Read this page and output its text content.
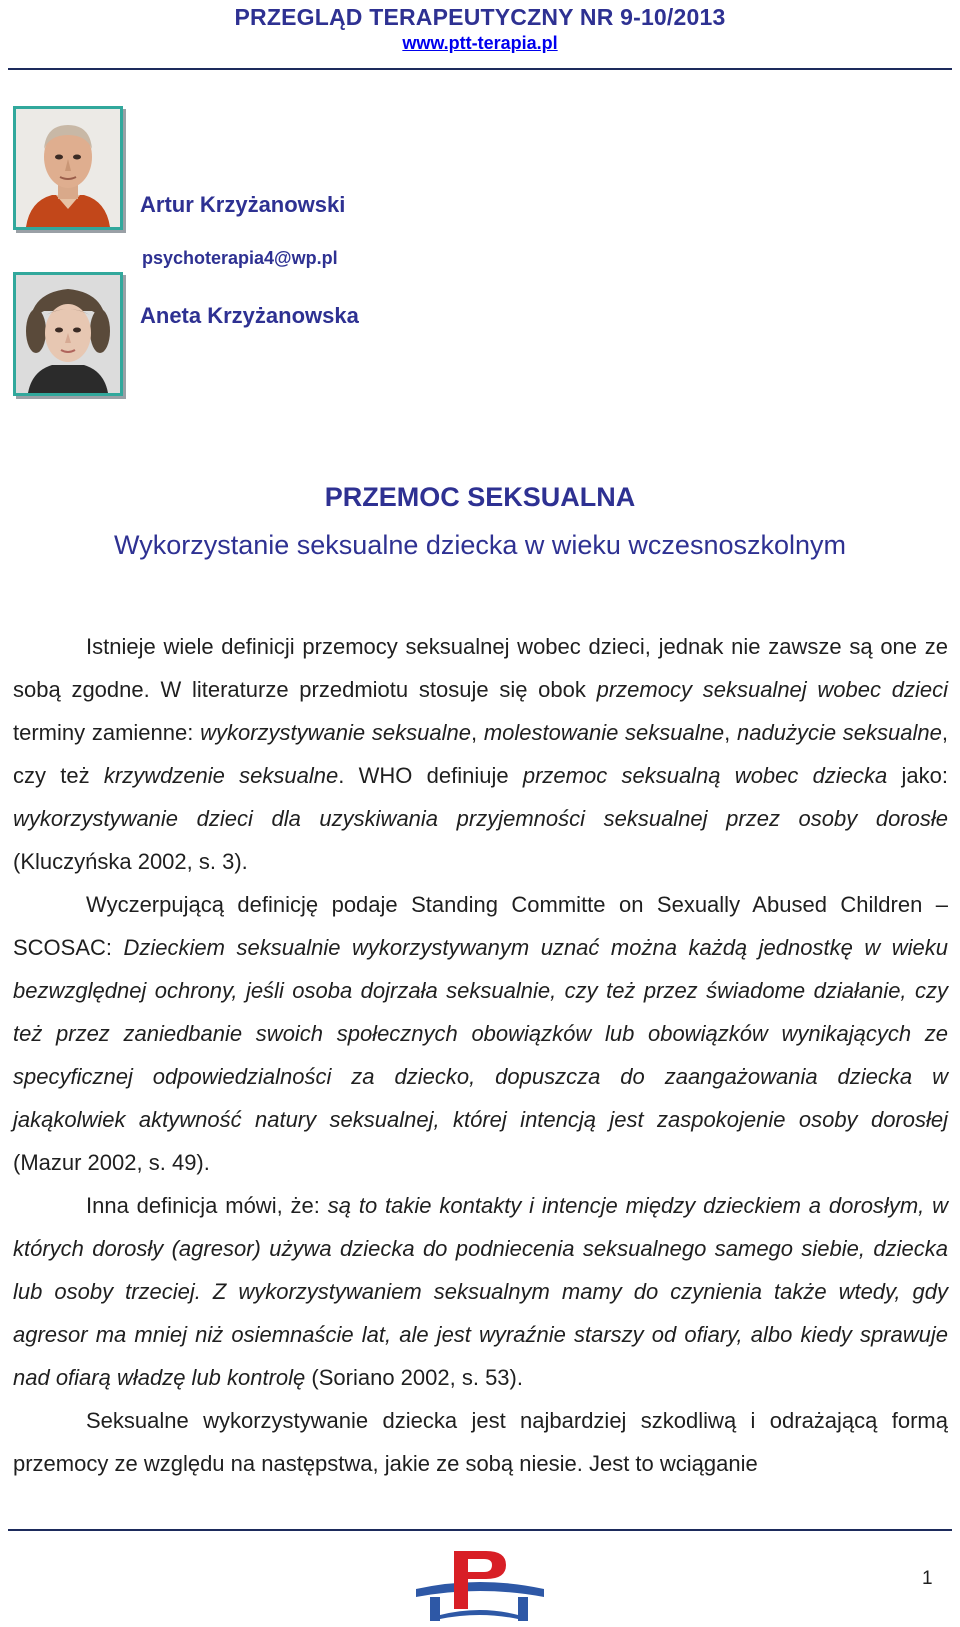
PRZEGLĄD TERAPEUTYCZNY NR 9-10/2013
www.ptt-terapia.pl
Artur Krzyżanowski
psychoterapia4@wp.pl
Aneta Krzyżanowska
PRZEMOC SEKSUALNA
Wykorzystanie seksualne dziecka w wieku wczesnoszkolnym

Istnieje wiele definicji przemocy seksualnej wobec dzieci, jednak nie zawsze są one ze sobą zgodne. W literaturze przedmiotu stosuje się obok przemocy seksualnej wobec dzieci terminy zamienne: wykorzystywanie seksualne, molestowanie seksualne, nadużycie seksualne, czy też krzywdzenie seksualne. WHO definiuje przemoc seksualną wobec dziecka jako: wykorzystywanie dzieci dla uzyskiwania przyjemności seksualnej przez osoby dorosłe (Kluczyńska 2002, s. 3).

Wyczerpującą definicję podaje Standing Committe on Sexually Abused Children – SCOSAC: Dzieckiem seksualnie wykorzystywanym uznać można każdą jednostkę w wieku bezwzględnej ochrony, jeśli osoba dojrzała seksualnie, czy też przez świadome działanie, czy też przez zaniedbanie swoich społecznych obowiązków lub obowiązków wynikających ze specyficznej odpowiedzialności za dziecko, dopuszcza do zaangażowania dziecka w jakąkolwiek aktywność natury seksualnej, której intencją jest zaspokojenie osoby dorosłej (Mazur 2002, s. 49).

Inna definicja mówi, że: są to takie kontakty i intencje między dzieckiem a dorosłym, w których dorosły (agresor) używa dziecka do podniecenia seksualnego samego siebie, dziecka lub osoby trzeciej. Z wykorzystywaniem seksualnym mamy do czynienia także wtedy, gdy agresor ma mniej niż osiemnaście lat, ale jest wyraźnie starszy od ofiary, albo kiedy sprawuje nad ofiarą władzę lub kontrolę (Soriano 2002, s. 53).

Seksualne wykorzystywanie dziecka jest najbardziej szkodliwą i odrażającą formą przemocy ze względu na następstwa, jakie ze sobą niesie. Jest to wciąganie

1
